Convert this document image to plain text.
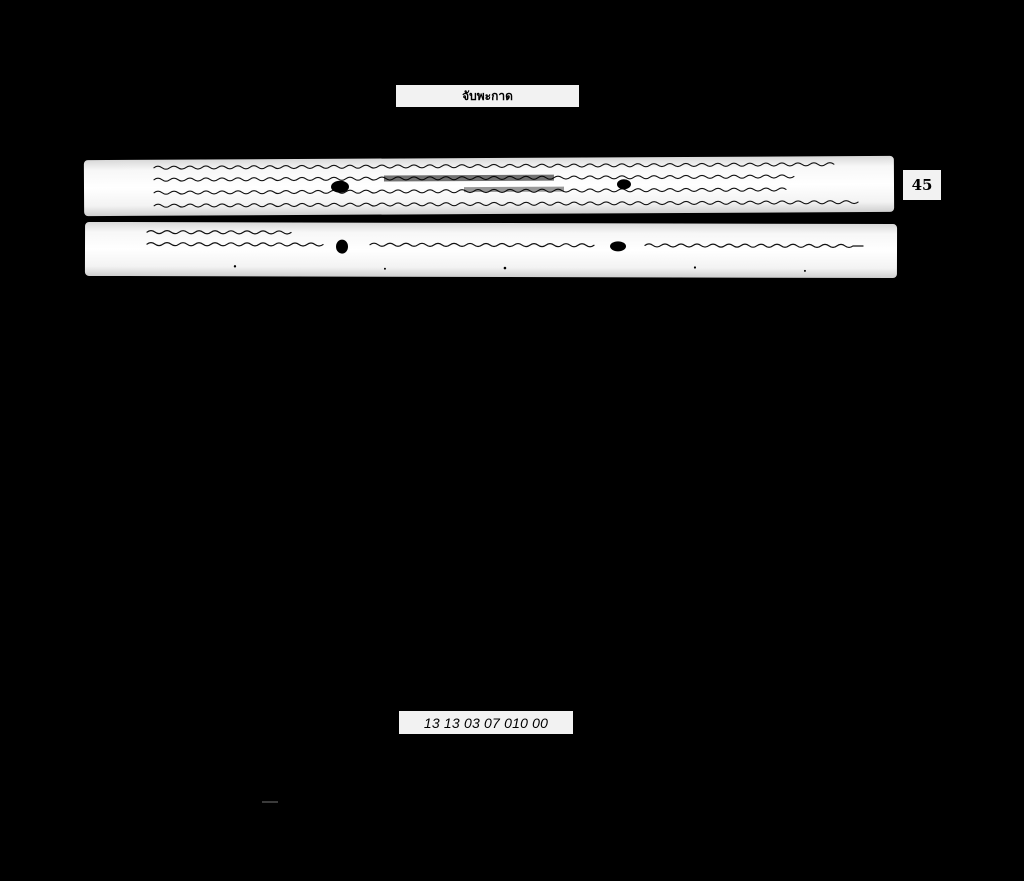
จับพะกาด
45
13 13 03 07 010 00
